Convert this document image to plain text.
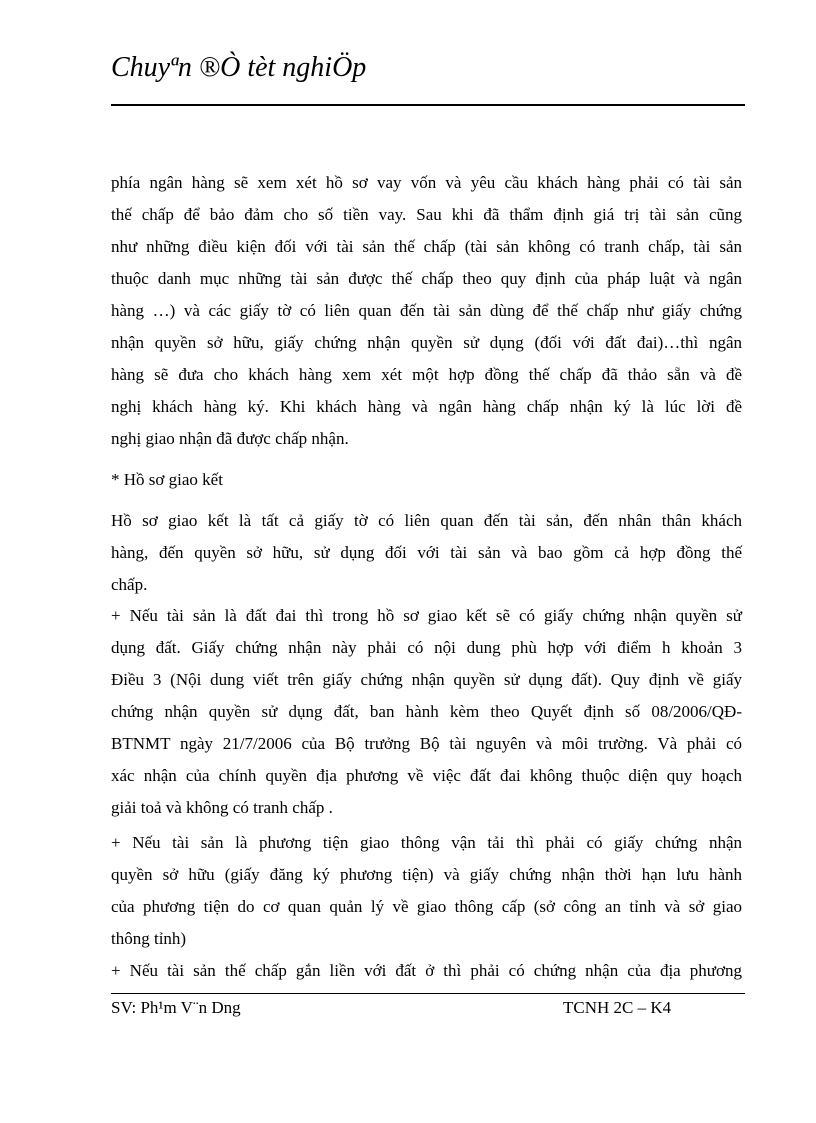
Chuyªn ®Ò tèt nghiÖp
phía ngân hàng sẽ xem xét hồ sơ vay vốn và yêu cầu khách hàng phải có tài sản
thế chấp để bảo đảm cho số tiền vay. Sau khi đã thẩm định giá trị tài sản cũng
như những điều kiện đối với tài sản thế chấp (tài sản không có tranh chấp, tài sản
thuộc danh mục những tài sản được thế chấp theo quy định của pháp luật và ngân
hàng …) và các giấy tờ có liên quan đến tài sản dùng để thế chấp như giấy chứng
nhận quyền sở hữu, giấy chứng nhận quyền sử dụng (đối với đất đai)…thì ngân
hàng sẽ đưa cho khách hàng xem xét một hợp đồng thế chấp đã thảo sẵn và đề
nghị khách hàng ký. Khi khách hàng và ngân hàng chấp nhận ký là lúc lời đề
nghị giao nhận đã được chấp nhận.
* Hồ sơ giao kết
Hồ sơ giao kết là tất cả giấy tờ có liên quan đến tài sản, đến nhân thân khách
hàng, đến quyền sở hữu, sử dụng đối với tài sản và bao gồm cả hợp đồng thế
chấp.
+ Nếu tài sản là đất đai thì trong hồ sơ giao kết sẽ có giấy chứng nhận quyền sử
dụng đất. Giấy chứng nhận này phải có nội dung phù hợp với điểm h khoản 3
Điều 3 (Nội dung viết trên giấy chứng nhận quyền sử dụng đất). Quy định về giấy
chứng nhận quyền sử dụng đất, ban hành kèm theo Quyết định số 08/2006/QĐ-
BTNMT ngày 21/7/2006 của Bộ trưởng Bộ tài nguyên và môi trường. Và phải có
xác nhận của chính quyền địa phương về việc đất đai không thuộc diện quy hoạch
giải toả và không có tranh chấp .
+ Nếu tài sản là phương tiện giao thông vận tải thì phải có giấy chứng nhận
quyền sở hữu (giấy đăng ký phương tiện) và giấy chứng nhận thời hạn lưu hành
của phương tiện do cơ quan quản lý về giao thông cấp (sở công an tỉnh và sở giao
thông tỉnh)
+ Nếu tài sản thế chấp gắn liền với đất ở thì phải có chứng nhận của địa phương
SV: Ph¹m V¨n Dng	TCNH 2C – K4
